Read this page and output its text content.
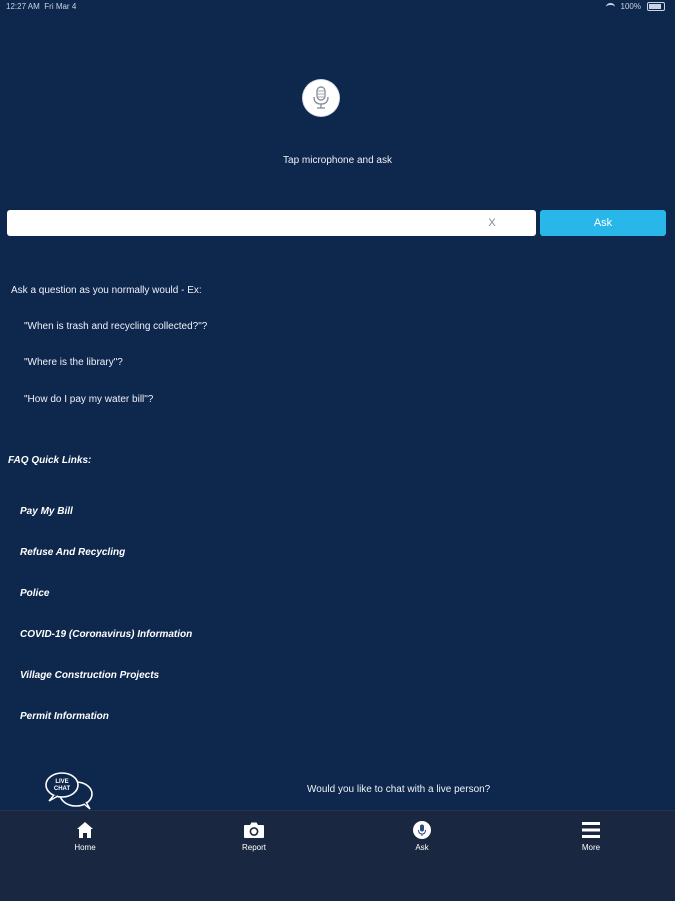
12:27 AM Fri Mar 4	100%
Tap microphone and ask
X	Ask
Ask a question as you normally would - Ex:
"When is trash and recycling collected?"?
"Where is the library"?
"How do I pay my water bill"?
FAQ Quick Links:
Pay My Bill
Refuse And Recycling
Police
COVID-19 (Coronavirus) Information
Village Construction Projects
Permit Information
LIVE
CHAT	Would you like to chat with a live person?
Home	Report	Ask	More
